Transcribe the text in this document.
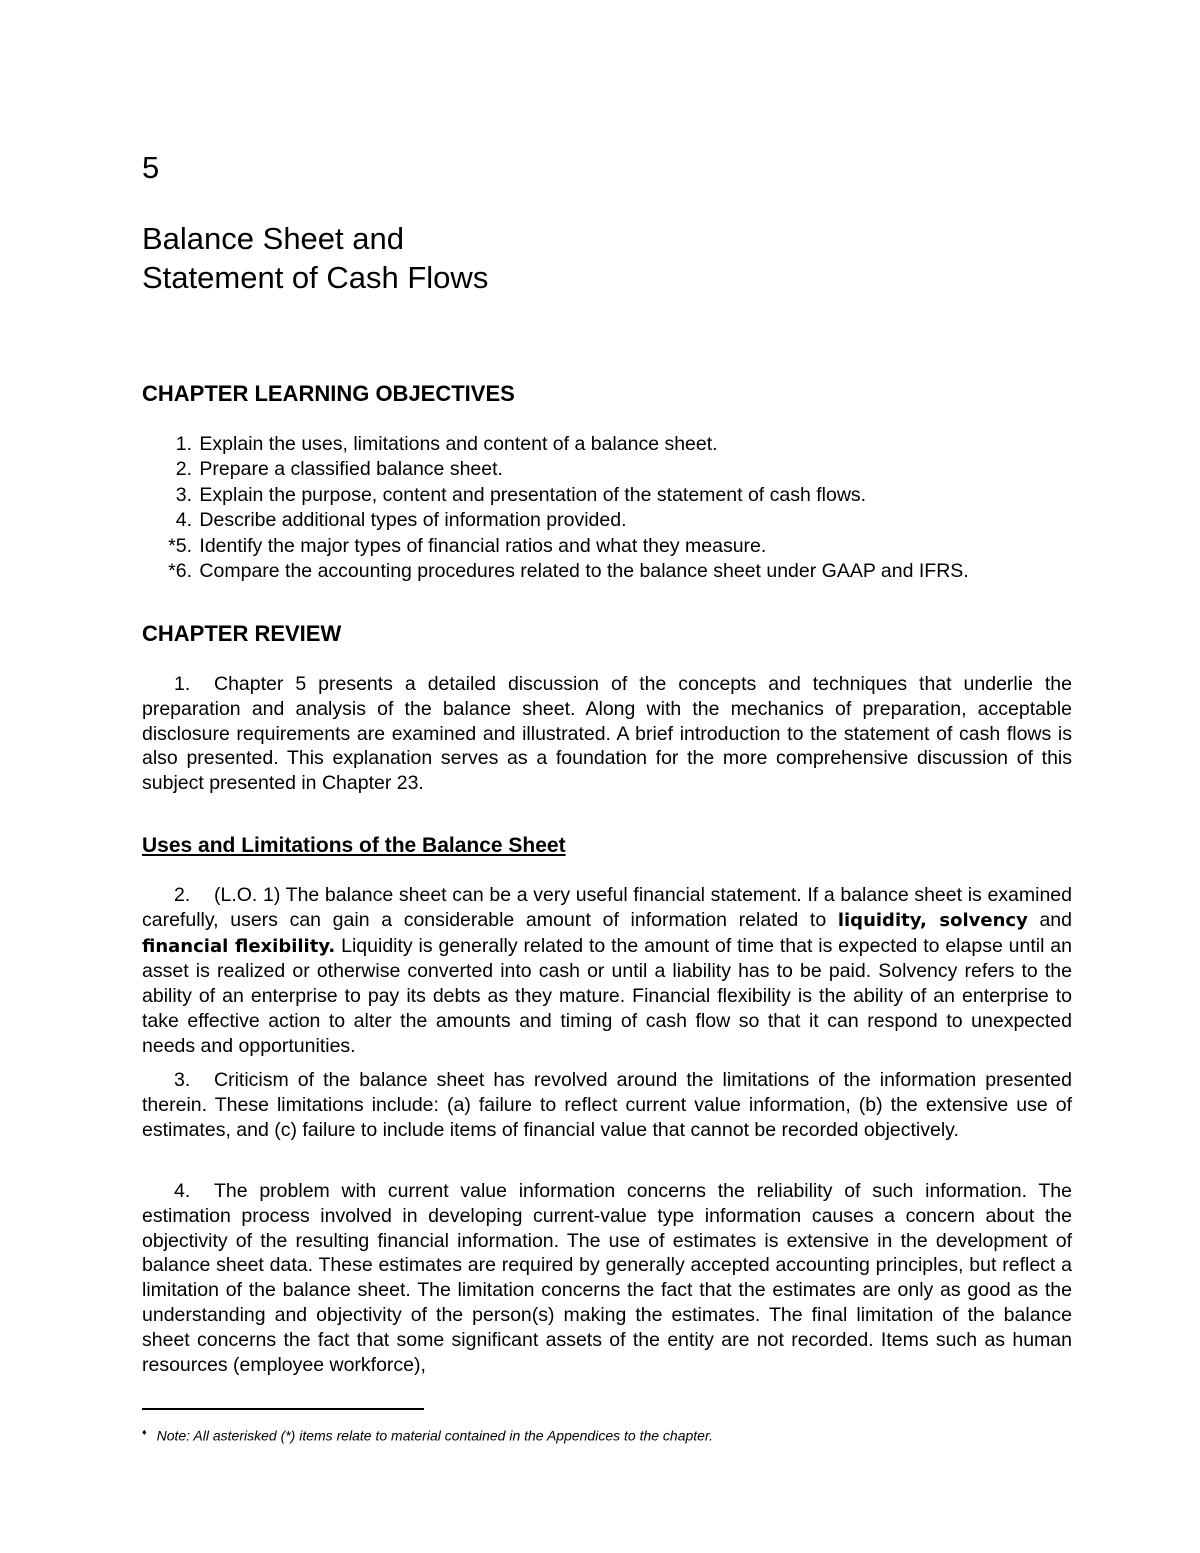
5
Balance Sheet and
Statement of Cash Flows
CHAPTER LEARNING OBJECTIVES
1.
Explain the uses, limitations and content of a balance sheet.
2.
Prepare a classified balance sheet.
3.
Explain the purpose, content and presentation of the statement of cash flows.
4.
Describe additional types of information provided.
*5.
Identify the major types of financial ratios and what they measure.
*6.
Compare the accounting procedures related to the balance sheet under GAAP and IFRS.
CHAPTER REVIEW

1. Chapter 5 presents a detailed discussion of the concepts and techniques that underlie the preparation and analysis of the balance sheet. Along with the mechanics of preparation, acceptable disclosure requirements are examined and illustrated. A brief introduction to the statement of cash flows is also presented. This explanation serves as a foundation for the more comprehensive discussion of this subject presented in Chapter 23.

Uses and Limitations of the Balance Sheet

2. (L.O. 1) The balance sheet can be a very useful financial statement. If a balance sheet is examined carefully, users can gain a considerable amount of information related to liquidity, solvency and financial flexibility. Liquidity is generally related to the amount of time that is expected to elapse until an asset is realized or otherwise converted into cash or until a liability has to be paid. Solvency refers to the ability of an enterprise to pay its debts as they mature. Financial flexibility is the ability of an enterprise to take effective action to alter the amounts and timing of cash flow so that it can respond to unexpected needs and opportunities.

3. Criticism of the balance sheet has revolved around the limitations of the information presented therein. These limitations include: (a) failure to reflect current value information, (b) the extensive use of estimates, and (c) failure to include items of financial value that cannot be recorded objectively.

4. The problem with current value information concerns the reliability of such information. The estimation process involved in developing current-value type information causes a concern about the objectivity of the resulting financial information. The use of estimates is extensive in the development of balance sheet data. These estimates are required by generally accepted accounting principles, but reflect a limitation of the balance sheet. The limitation concerns the fact that the estimates are only as good as the understanding and objectivity of the person(s) making the estimates. The final limitation of the balance sheet concerns the fact that some significant assets of the entity are not recorded. Items such as human resources (employee workforce),

♦ Note: All asterisked (*) items relate to material contained in the Appendices to the chapter.
